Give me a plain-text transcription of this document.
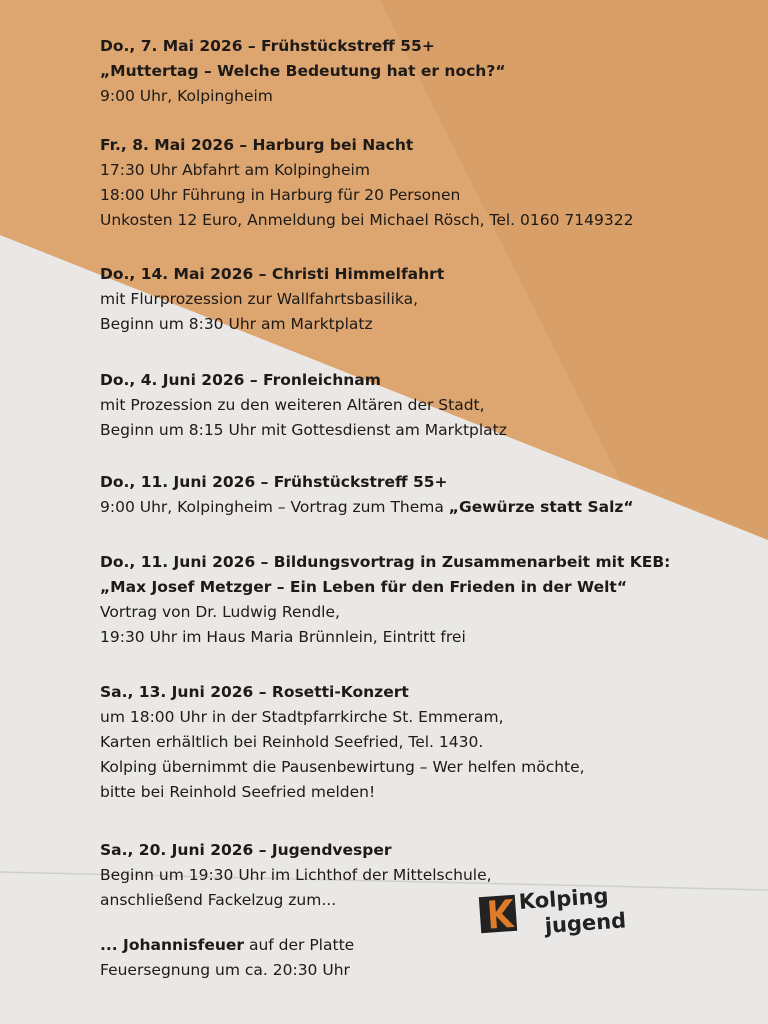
Do., 7. Mai 2026 – Frühstückstreff 55+
„Muttertag – Welche Bedeutung hat er noch?“
9:00 Uhr, Kolpingheim
Fr., 8. Mai 2026 – Harburg bei Nacht
17:30 Uhr Abfahrt am Kolpingheim
18:00 Uhr Führung in Harburg für 20 Personen
Unkosten 12 Euro, Anmeldung bei Michael Rösch, Tel. 0160 7149322
Do., 14. Mai 2026 – Christi Himmelfahrt
mit Flurprozession zur Wallfahrtsbasilika,
Beginn um 8:30 Uhr am Marktplatz
Do., 4. Juni 2026 – Fronleichnam
mit Prozession zu den weiteren Altären der Stadt,
Beginn um 8:15 Uhr mit Gottesdienst am Marktplatz
Do., 11. Juni 2026 – Frühstückstreff 55+
9:00 Uhr, Kolpingheim – Vortrag zum Thema „Gewürze statt Salz“
Do., 11. Juni 2026 – Bildungsvortrag in Zusammenarbeit mit KEB:
„Max Josef Metzger – Ein Leben für den Frieden in der Welt“
Vortrag von Dr. Ludwig Rendle,
19:30 Uhr im Haus Maria Brünnlein, Eintritt frei
Sa., 13. Juni 2026 – Rosetti-Konzert
um 18:00 Uhr in der Stadtpfarrkirche St. Emmeram,
Karten erhältlich bei Reinhold Seefried, Tel. 1430.
Kolping übernimmt die Pausenbewirtung – Wer helfen möchte,
bitte bei Reinhold Seefried melden!
Sa., 20. Juni 2026 – Jugendvesper
Beginn um 19:30 Uhr im Lichthof der Mittelschule,
anschließend Fackelzug zum...
... Johannisfeuer auf der Platte
Feuersegnung um ca. 20:30 Uhr
Kolping
jugend
